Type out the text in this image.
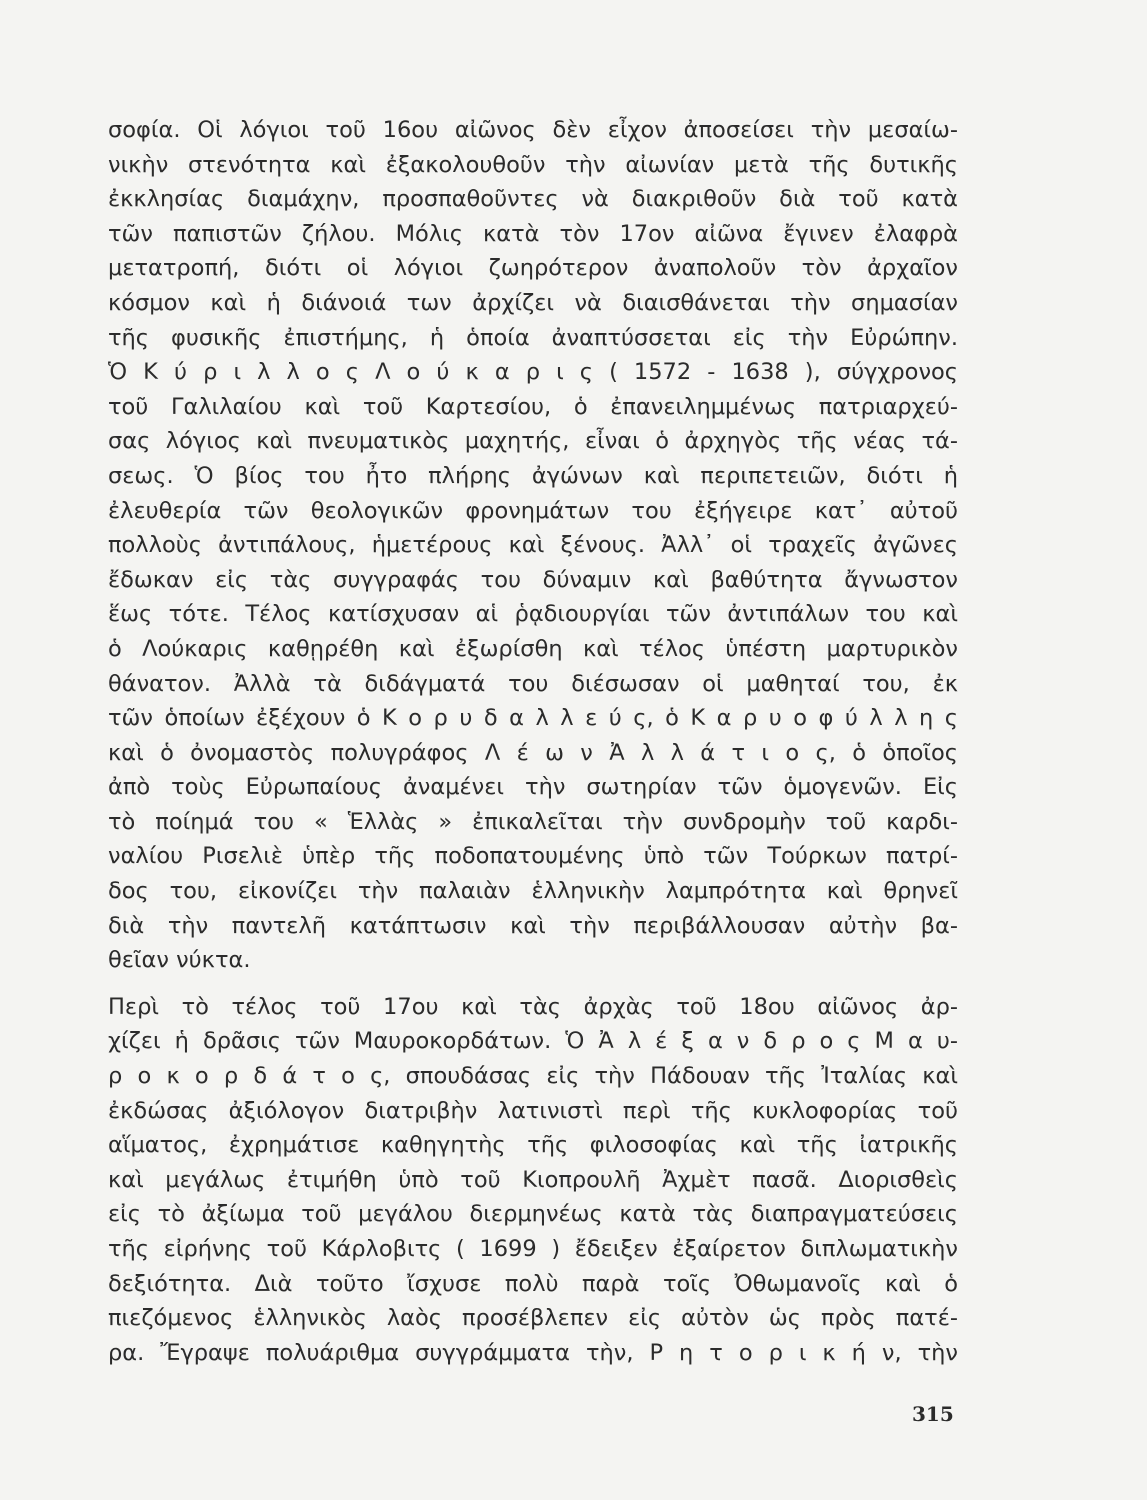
σοφία. Οἱ λόγιοι τοῦ 16ου αἰῶνος δὲν εἶχον ἀποσείσει τὴν μεσαίω-
νικὴν στενότητα καὶ ἐξακολουθοῦν τὴν αἰωνίαν μετὰ τῆς δυτικῆς
ἐκκλησίας διαμάχην, προσπαθοῦντες νὰ διακριθοῦν διὰ τοῦ κατὰ
τῶν παπιστῶν ζήλου. Μόλις κατὰ τὸν 17ον αἰῶνα ἔγινεν ἐλαφρὰ
μετατροπή, διότι οἱ λόγιοι ζωηρότερον ἀναπολοῦν τὸν ἀρχαῖον
κόσμον καὶ ἡ διάνοιά των ἀρχίζει νὰ διαισθάνεται τὴν σημασίαν
τῆς φυσικῆς ἐπιστήμης, ἡ ὁποία ἀναπτύσσεται εἰς τὴν Εὐρώπην.
Ὁ Κ ύ ρ ι λ λ ο ς Λ ο ύ κ α ρ ι ς ( 1572 - 1638 ), σύγχρονος
τοῦ Γαλιλαίου καὶ τοῦ Καρτεσίου, ὁ ἐπανειλημμένως πατριαρχεύ-
σας λόγιος καὶ πνευματικὸς μαχητής, εἶναι ὁ ἀρχηγὸς τῆς νέας τά-
σεως. Ὁ βίος του ἦτο πλήρης ἀγώνων καὶ περιπετειῶν, διότι ἡ
ἐλευθερία τῶν θεολογικῶν φρονημάτων του ἐξήγειρε κατ᾽ αὐτοῦ
πολλοὺς ἀντιπάλους, ἡμετέρους καὶ ξένους. Ἀλλ᾽ οἱ τραχεῖς ἀγῶνες
ἔδωκαν εἰς τὰς συγγραφάς του δύναμιν καὶ βαθύτητα ἄγνωστον
ἕως τότε. Τέλος κατίσχυσαν αἱ ῥᾳδιουργίαι τῶν ἀντιπάλων του καὶ
ὁ Λούκαρις καθῃρέθη καὶ ἐξωρίσθη καὶ τέλος ὑπέστη μαρτυρικὸν
θάνατον. Ἀλλὰ τὰ διδάγματά του διέσωσαν οἱ μαθηταί του, ἐκ
τῶν ὁποίων ἐξέχουν ὁ Κ ο ρ υ δ α λ λ ε ύ ς, ὁ Κ α ρ υ ο φ ύ λ λ η ς
καὶ ὁ ὀνομαστὸς πολυγράφος Λ έ ω ν Ἀ λ λ ά τ ι ο ς, ὁ ὁποῖος
ἀπὸ τοὺς Εὐρωπαίους ἀναμένει τὴν σωτηρίαν τῶν ὁμογενῶν. Εἰς
τὸ ποίημά του « Ἑλλὰς » ἐπικαλεῖται τὴν συνδρομὴν τοῦ καρδι-
ναλίου Ρισελιὲ ὑπὲρ τῆς ποδοπατουμένης ὑπὸ τῶν Τούρκων πατρί-
δος του, εἰκονίζει τὴν παλαιὰν ἑλληνικὴν λαμπρότητα καὶ θρηνεῖ
διὰ τὴν παντελῆ κατάπτωσιν καὶ τὴν περιβάλλουσαν αὐτὴν βα-
θεῖαν νύκτα.
Περὶ τὸ τέλος τοῦ 17ου καὶ τὰς ἀρχὰς τοῦ 18ου αἰῶνος ἀρ-
χίζει ἡ δρᾶσις τῶν Μαυροκορδάτων. Ὁ Ἀ λ έ ξ α ν δ ρ ο ς Μ α υ-
ρ ο κ ο ρ δ ά τ ο ς, σπουδάσας εἰς τὴν Πάδουαν τῆς Ἰταλίας καὶ
ἐκδώσας ἀξιόλογον διατριβὴν λατινιστὶ περὶ τῆς κυκλοφορίας τοῦ
αἵματος, ἐχρημάτισε καθηγητὴς τῆς φιλοσοφίας καὶ τῆς ἰατρικῆς
καὶ μεγάλως ἐτιμήθη ὑπὸ τοῦ Κιοπρουλῆ Ἀχμὲτ πασᾶ. Διορισθεὶς
εἰς τὸ ἀξίωμα τοῦ μεγάλου διερμηνέως κατὰ τὰς διαπραγματεύσεις
τῆς εἰρήνης τοῦ Κάρλοβιτς ( 1699 ) ἔδειξεν ἐξαίρετον διπλωματικὴν
δεξιότητα. Διὰ τοῦτο ἴσχυσε πολὺ παρὰ τοῖς Ὀθωμανοῖς καὶ ὁ
πιεζόμενος ἑλληνικὸς λαὸς προσέβλεπεν εἰς αὐτὸν ὡς πρὸς πατέ-
ρα. Ἔγραψε πολυάριθμα συγγράμματα τὴν, Ρ η τ ο ρ ι κ ή ν, τὴν
315
